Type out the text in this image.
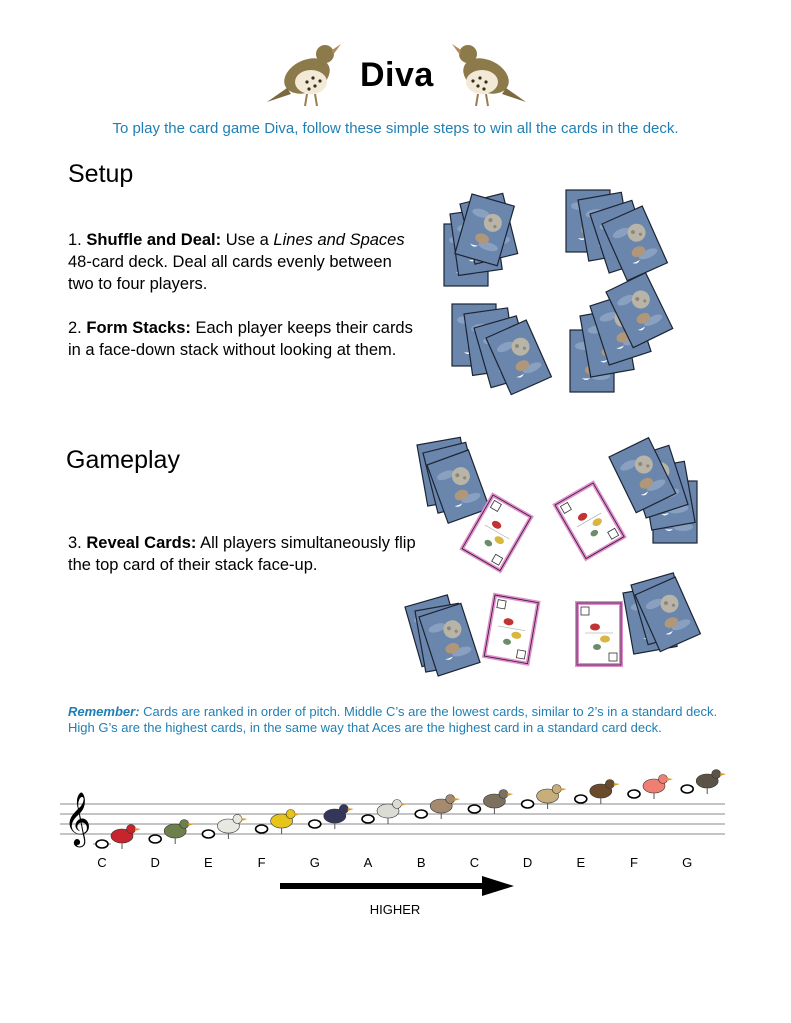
Diva
To play the card game Diva, follow these simple steps to win all the cards in the deck.
Setup
1. Shuffle and Deal: Use a Lines and Spaces 48-card deck. Deal all cards evenly between two to four players.
2. Form Stacks: Each player keeps their cards in a face-down stack without looking at them.
Gameplay
3. Reveal Cards: All players simultaneously flip the top card of their stack face-up.
Remember: Cards are ranked in order of pitch. Middle C’s are the lowest cards, similar to 2’s in a standard deck. High G’s are the highest cards, in the same way that Aces are the highest card in a standard card deck.
𝄞
C	D	E	F	G	A	B	C	D	E	F	G
HIGHER
